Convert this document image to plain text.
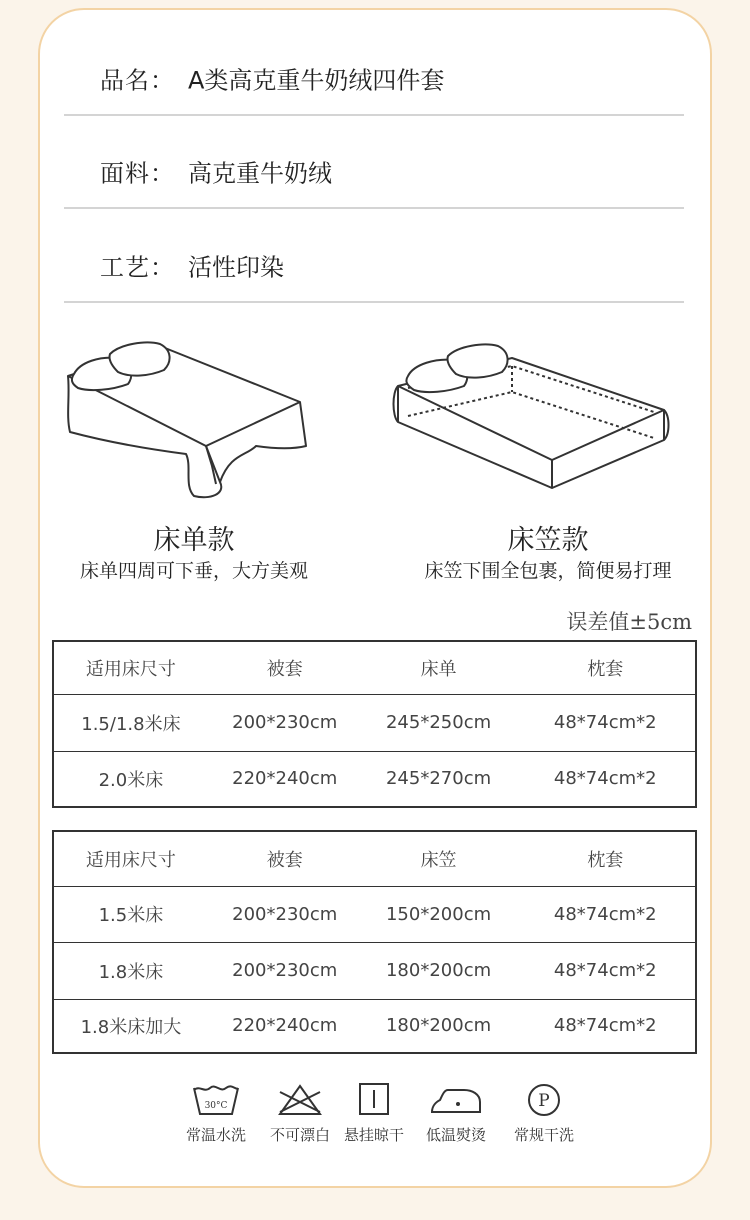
品名： A类高克重牛奶绒四件套
面料： 高克重牛奶绒
工艺： 活性印染
床单款
床单四周可下垂，大方美观
床笠款
床笠下围全包裹，简便易打理
误差值±5cm
适用床尺寸	被套	床单	枕套
1.5/1.8米床	200*230cm	245*250cm	48*74cm*2
2.0米床	220*240cm	245*270cm	48*74cm*2
适用床尺寸	被套	床笠	枕套
1.5米床	200*230cm	150*200cm	48*74cm*2
1.8米床	200*230cm	180*200cm	48*74cm*2
1.8米床加大	220*240cm	180*200cm	48*74cm*2
30°C
常温水洗	不可漂白 悬挂晾干	低温熨烫
P
常规干洗
